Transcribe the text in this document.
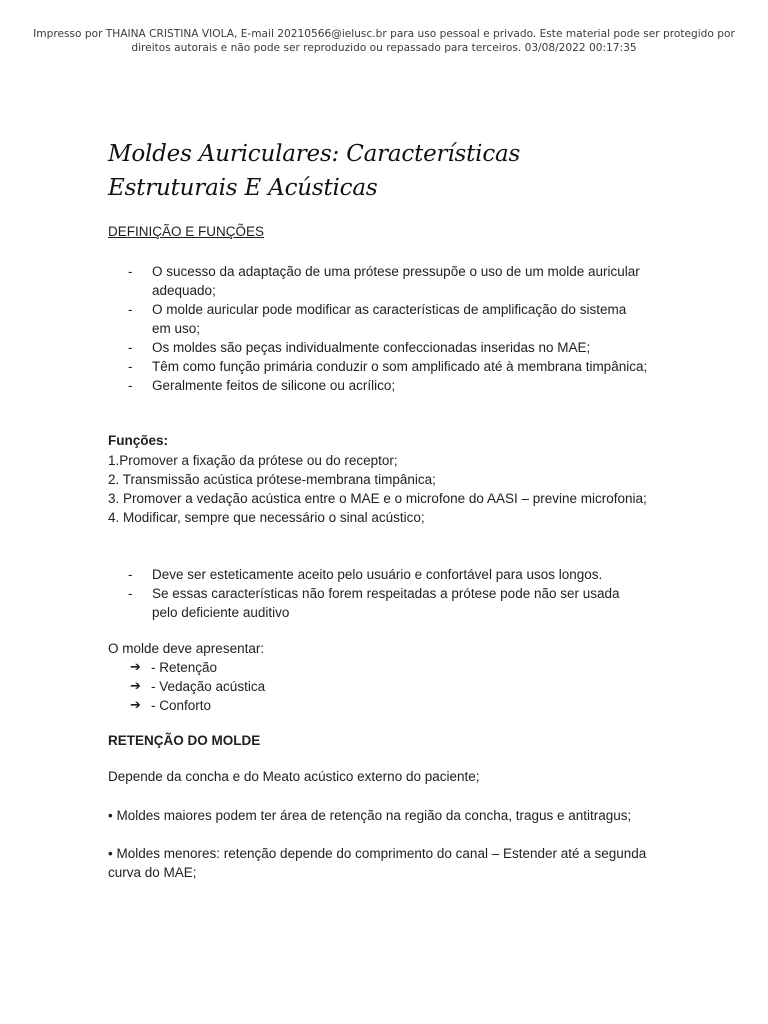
Impresso por THAINA CRISTINA VIOLA, E-mail 20210566@ielusc.br para uso pessoal e privado. Este material pode ser protegido por direitos autorais e não pode ser reproduzido ou repassado para terceiros. 03/08/2022 00:17:35
Moldes Auriculares: Características Estruturais E Acústicas
DEFINIÇÃO E FUNÇÕES
- O sucesso da adaptação de uma prótese pressupõe o uso de um molde auricular adequado;
- O molde auricular pode modificar as características de amplificação do sistema em uso;
- Os moldes são peças individualmente confeccionadas inseridas no MAE;
- Têm como função primária conduzir o som amplificado até à membrana timpânica;
- Geralmente feitos de silicone ou acrílico;
Funções:
1.Promover a fixação da prótese ou do receptor;
2. Transmissão acústica prótese-membrana timpânica;
3. Promover a vedação acústica entre o MAE e o microfone do AASI – previne microfonia;
4. Modificar, sempre que necessário o sinal acústico;
- Deve ser esteticamente aceito pelo usuário e confortável para usos longos.
- Se essas características não forem respeitadas a prótese pode não ser usada pelo deficiente auditivo
O molde deve apresentar:
➔ - Retenção
➔ - Vedação acústica
➔ - Conforto
RETENÇÃO DO MOLDE
Depende da concha e do Meato acústico externo do paciente;
• Moldes maiores podem ter área de retenção na região da concha, tragus e antitragus;
• Moldes menores: retenção depende do comprimento do canal – Estender até a segunda
curva do MAE;
